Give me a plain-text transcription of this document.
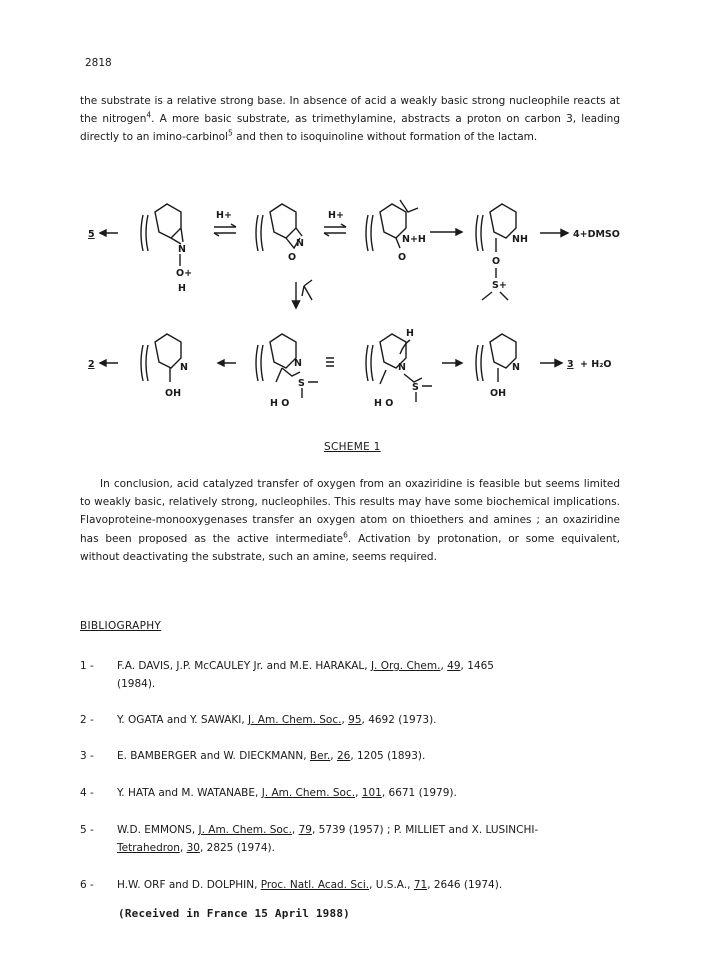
2818
the substrate is a relative strong base. In absence of acid a weakly basic strong nucleophile reacts at the nitrogen$^4$. A more basic substrate, as trimethylamine, abstracts a proton on carbon 3, leading directly to an imino-carbinol$^5$ and then to isoquinoline without formation of the lactam.
5
N
O+
H
H+
N
O
H+
N+H
O
NH
O
S+
4+DMSO
2	N
OH
N
S
H O
H
N
S
H O
N
OH
3 + H₂O
SCHEME 1
In conclusion, acid catalyzed transfer of oxygen from an oxaziridine is feasible but seems limited to weakly basic, relatively strong, nucleophiles. This results may have some biochemical implications. Flavoproteine-monooxygenases transfer an oxygen atom on thioethers and amines ; an oxaziridine has been proposed as the active intermediate$^6$. Activation by protonation, or some equivalent, without deactivating the substrate, such an amine, seems required.
BIBLIOGRAPHY
1 -	F.A. DAVIS, J.P. McCAULEY Jr. and M.E. HARAKAL, J. Org. Chem., 49, 1465
(1984).
2 -	Y. OGATA and Y. SAWAKI, J. Am. Chem. Soc., 95, 4692 (1973).
3 -	E. BAMBERGER and W. DIECKMANN, Ber., 26, 1205 (1893).
4 -	Y. HATA and M. WATANABE, J. Am. Chem. Soc., 101, 6671 (1979).
5 -	W.D. EMMONS, J. Am. Chem. Soc., 79, 5739 (1957) ; P. MILLIET and X. LUSINCHI-
Tetrahedron, 30, 2825 (1974).
6 -	H.W. ORF and D. DOLPHIN, Proc. Natl. Acad. Sci., U.S.A., 71, 2646 (1974).
(Received in France 15 April 1988)
